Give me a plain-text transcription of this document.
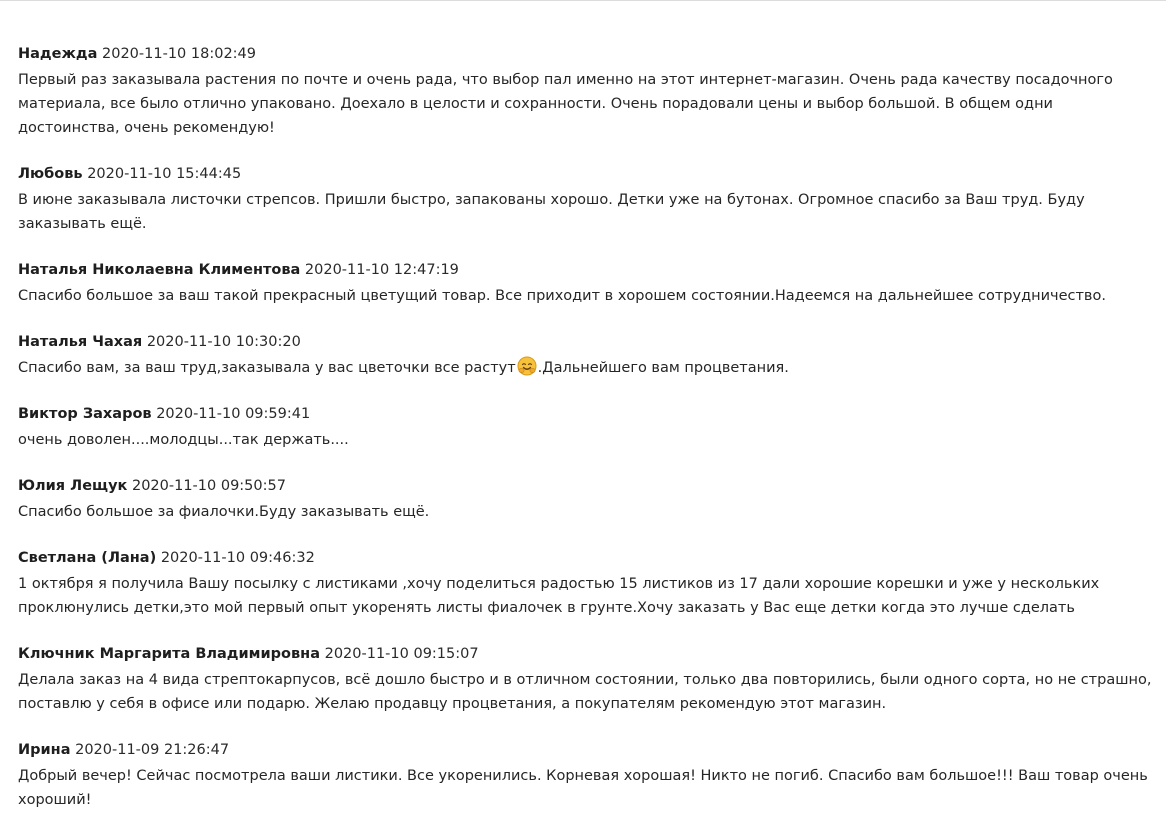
Надежда 2020-11-10 18:02:49
Первый раз заказывала растения по почте и очень рада, что выбор пал именно на этот интернет-магазин. Очень рада качеству посадочного материала, все было отлично упаковано. Доехало в целости и сохранности. Очень порадовали цены и выбор большой. В общем одни достоинства, очень рекомендую!
Любовь 2020-11-10 15:44:45
В июне заказывала листочки стрепсов. Пришли быстро, запакованы хорошо. Детки уже на бутонах. Огромное спасибо за Ваш труд. Буду заказывать ещё.
Наталья Николаевна Климентова 2020-11-10 12:47:19
Спасибо большое за ваш такой прекрасный цветущий товар. Все приходит в хорошем состоянии.Надеемся на дальнейшее сотрудничество.
Наталья Чахая 2020-11-10 10:30:20
Спасибо вам, за ваш труд,заказывала у вас цветочки все растут .Дальнейшего вам процветания.
Виктор Захаров 2020-11-10 09:59:41
очень доволен....молодцы...так держать....
Юлия Лещук 2020-11-10 09:50:57
Спасибо большое за фиалочки.Буду заказывать ещё.
Светлана (Лана) 2020-11-10 09:46:32
1 октября я получила Вашу посылку с листиками ,хочу поделиться радостью 15 листиков из 17 дали хорошие корешки и уже у нескольких проклюнулись детки,это мой первый опыт укоренять листы фиалочек в грунте.Хочу заказать у Вас еще детки когда это лучше сделать
Ключник Маргарита Владимировна 2020-11-10 09:15:07
Делала заказ на 4 вида стрептокарпусов, всё дошло быстро и в отличном состоянии, только два повторились, были одного сорта, но не страшно, поставлю у себя в офисе или подарю. Желаю продавцу процветания, а покупателям рекомендую этот магазин.
Ирина 2020-11-09 21:26:47
Добрый вечер! Сейчас посмотрела ваши листики. Все укоренились. Корневая хорошая! Никто не погиб. Спасибо вам большое!!! Ваш товар очень хороший!
